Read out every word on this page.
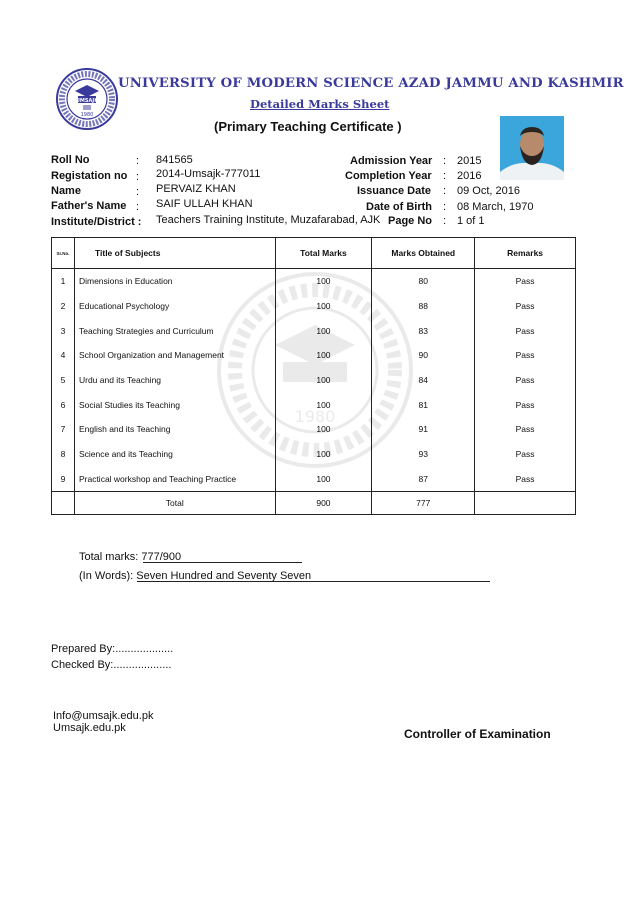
UMSAJK
1980
UNIVERSITY OF MODERN SCIENCE AZAD JAMMU AND KASHMIR
Detailed Marks Sheet
(Primary Teaching Certificate )
Roll No	: 841565
Registation no : 2014-Umsajk-777011
Name	: PERVAIZ KHAN
Father's Name : SAIF ULLAH KHAN
Institute/District : Teachers Training Institute, Muzafarabad, AJK
Admission Year : 2015
Completion Year : 2016
Issuance Date : 09 Oct, 2016
Date of Birth : 08 March, 1970
Page No : 1 of 1
1980
Sr.No.	Title of Subjects	Total Marks	Marks Obtained	Remarks
1	Dimensions in Education	100	80	Pass
2	Educational Psychology	100	88	Pass
3	Teaching Strategies and Curriculum	100	83	Pass
4	School Organization and Management	100	90	Pass
5	Urdu and its Teaching	100	84	Pass
6	Social Studies its Teaching	100	81	Pass
7	English and its Teaching	100	91	Pass
8	Science and its Teaching	100	93	Pass
9	Practical workshop and Teaching Practice	100	87	Pass
	Total	900	777	
Total marks: 777/900
(In Words): Seven Hundred and Seventy Seven
Prepared By:...................
Checked By:...................
Info@umsajk.edu.pk
Umsajk.edu.pk	Controller of Examination
